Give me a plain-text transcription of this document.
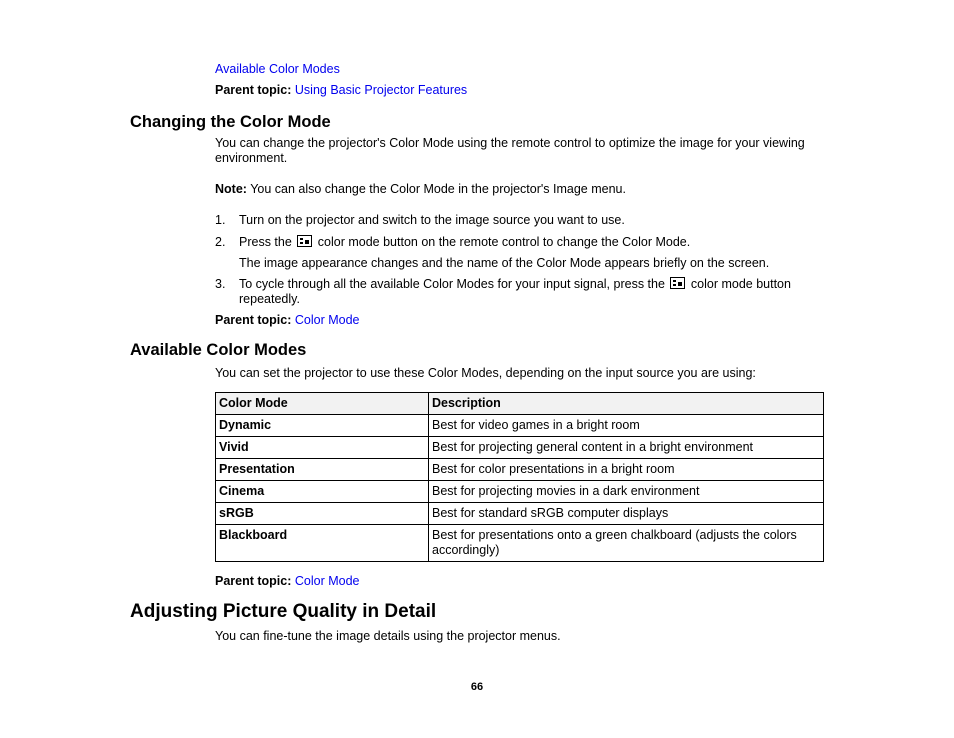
Available Color Modes
Parent topic: Using Basic Projector Features
Changing the Color Mode
You can change the projector's Color Mode using the remote control to optimize the image for your viewing environment.
Note: You can also change the Color Mode in the projector's Image menu.
1. Turn on the projector and switch to the image source you want to use.
2. Press the color mode button on the remote control to change the Color Mode.
The image appearance changes and the name of the Color Mode appears briefly on the screen.
3. To cycle through all the available Color Modes for your input signal, press the color mode button repeatedly.
Parent topic: Color Mode
Available Color Modes
You can set the projector to use these Color Modes, depending on the input source you are using:
Color Mode	Description
Dynamic	Best for video games in a bright room
Vivid	Best for projecting general content in a bright environment
Presentation	Best for color presentations in a bright room
Cinema	Best for projecting movies in a dark environment
sRGB	Best for standard sRGB computer displays
Blackboard	Best for presentations onto a green chalkboard (adjusts the colors accordingly)
Parent topic: Color Mode
Adjusting Picture Quality in Detail
You can fine-tune the image details using the projector menus.
66
